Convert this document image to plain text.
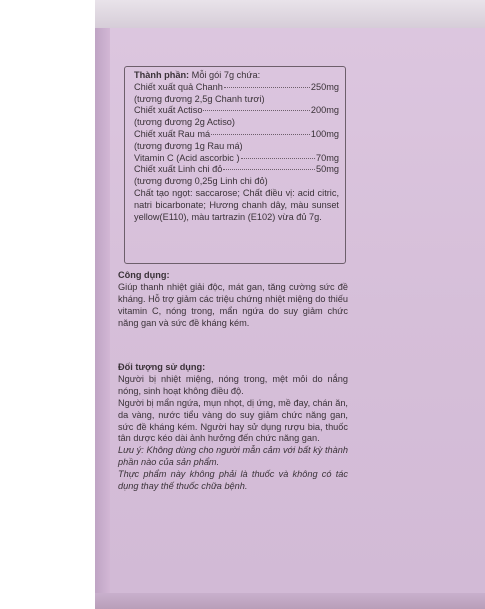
Thành phần: Mỗi gói 7g chứa:
Chiết xuất quả Chanh	250mg
(tương đương 2,5g Chanh tươi)
Chiết xuất Actiso	200mg
(tương đương 2g Actiso)
Chiết xuất Rau má	100mg
(tương đương 1g Rau má)
Vitamin C (Acid ascorbic )	70mg
Chiết xuất Linh chi đỏ	50mg
(tương đương 0,25g Linh chi đỏ)
Chất tạo ngọt: saccarose; Chất điều vị: acid citric, natri bicarbonate; Hương chanh dây, màu sunset yellow(E110), màu tartrazin (E102) vừa đủ 7g.
Công dụng:

Giúp thanh nhiệt giải độc, mát gan, tăng cường sức đề kháng. Hỗ trợ giảm các triệu chứng nhiệt miệng do thiếu vitamin C, nóng trong, mẩn ngứa do suy giảm chức năng gan và sức đề kháng kém.

Đối tượng sử dụng:

Người bị nhiệt miệng, nóng trong, mệt mỏi do nắng nóng, sinh hoạt không điều độ.

Người bị mẩn ngứa, mụn nhọt, dị ứng, mề đay, chán ăn, da vàng, nước tiểu vàng do suy giảm chức năng gan, sức đề kháng kém. Người hay sử dụng rượu bia, thuốc tân dược kéo dài ảnh hưởng đến chức năng gan.

Lưu ý: Không dùng cho người mẫn cảm với bất kỳ thành phần nào của sản phẩm.

Thực phẩm này không phải là thuốc và không có tác dụng thay thế thuốc chữa bệnh.
